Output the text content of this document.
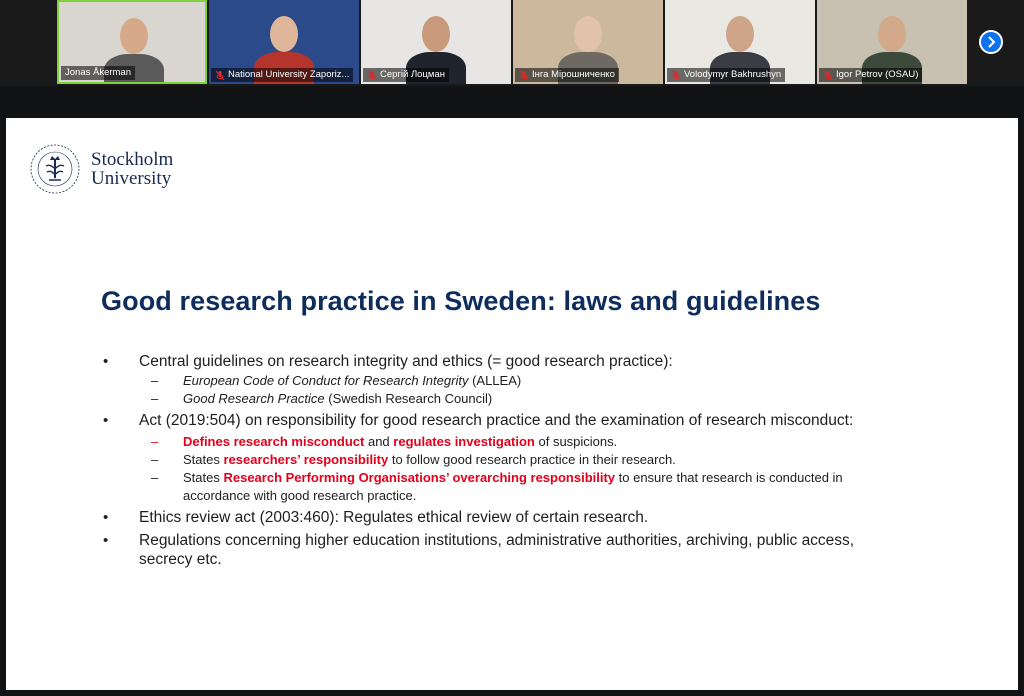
Jonas Åkerman	National University Zaporiz...	Сергій Лоцман	Інга Мірошниченко	Volodymyr Bakhrushyn	Igor Petrov (OSAU)
Stockholm
University
Good research practice in Sweden: laws and guidelines
• Central guidelines on research integrity and ethics (= good research practice):
– European Code of Conduct for Research Integrity (ALLEA)
– Good Research Practice (Swedish Research Council)
• Act (2019:504) on responsibility for good research practice and the examination of research misconduct:
– Defines research misconduct and regulates investigation of suspicions.
– States researchers’ responsibility to follow good research practice in their research.
– States Research Performing Organisations’ overarching responsibility to ensure that research is conducted in accordance with good research practice.
• Ethics review act (2003:460): Regulates ethical review of certain research.
• Regulations concerning higher education institutions, administrative authorities, archiving, public access, secrecy etc.
